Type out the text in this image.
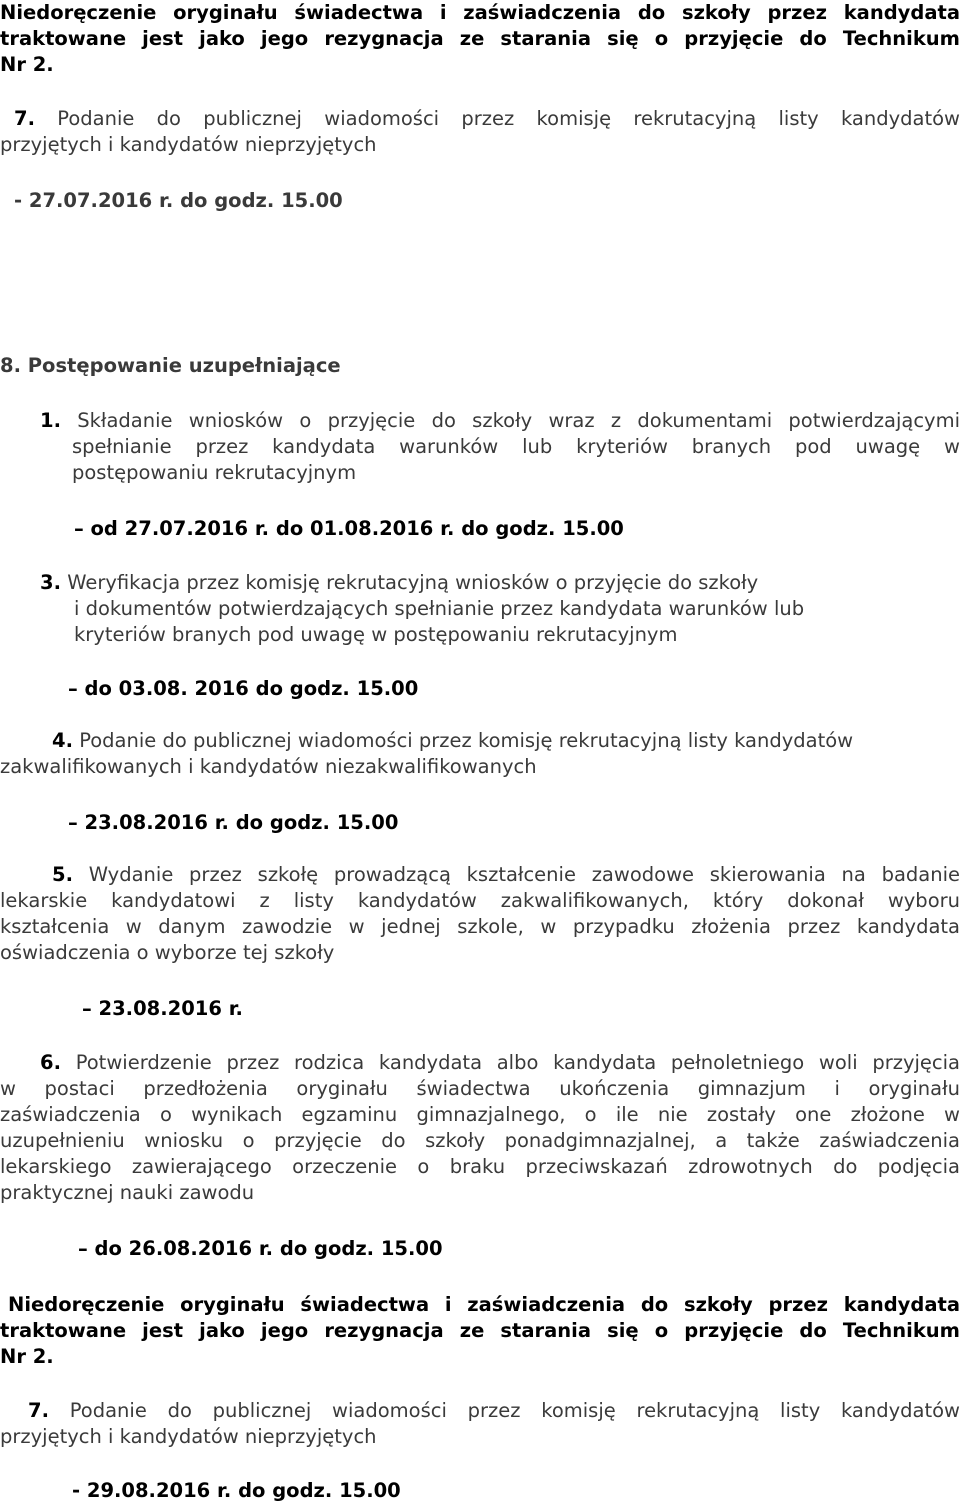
Niedoręczenie oryginału świadectwa i zaświadczenia do szkoły przez kandydata
traktowane jest jako jego rezygnacja ze starania się o przyjęcie do Technikum
Nr 2.
7. Podanie do publicznej wiadomości przez komisję rekrutacyjną listy kandydatów
przyjętych i kandydatów nieprzyjętych
- 27.07.2016 r. do godz. 15.00
8. Postępowanie uzupełniające
1. Składanie wniosków o przyjęcie do szkoły wraz z dokumentami potwierdzającymi
spełnianie przez kandydata warunków lub kryteriów branych pod uwagę w
postępowaniu rekrutacyjnym
– od 27.07.2016 r. do 01.08.2016 r. do godz. 15.00
3. Weryfikacja przez komisję rekrutacyjną wniosków o przyjęcie do szkoły
i dokumentów potwierdzających spełnianie przez kandydata warunków lub
kryteriów branych pod uwagę w postępowaniu rekrutacyjnym
– do 03.08. 2016 do godz. 15.00
4. Podanie do publicznej wiadomości przez komisję rekrutacyjną listy kandydatów
zakwalifikowanych i kandydatów niezakwalifikowanych
– 23.08.2016 r. do godz. 15.00
5. Wydanie przez szkołę prowadzącą kształcenie zawodowe skierowania na badanie
lekarskie kandydatowi z listy kandydatów zakwalifikowanych, który dokonał wyboru
kształcenia w danym zawodzie w jednej szkole, w przypadku złożenia przez kandydata
oświadczenia o wyborze tej szkoły
– 23.08.2016 r.
6. Potwierdzenie przez rodzica kandydata albo kandydata pełnoletniego woli przyjęcia
w postaci przedłożenia oryginału świadectwa ukończenia gimnazjum i oryginału
zaświadczenia o wynikach egzaminu gimnazjalnego, o ile nie zostały one złożone w
uzupełnieniu wniosku o przyjęcie do szkoły ponadgimnazjalnej, a także zaświadczenia
lekarskiego zawierającego orzeczenie o braku przeciwskazań zdrowotnych do podjęcia
praktycznej nauki zawodu
– do 26.08.2016 r. do godz. 15.00
Niedoręczenie oryginału świadectwa i zaświadczenia do szkoły przez kandydata
traktowane jest jako jego rezygnacja ze starania się o przyjęcie do Technikum
Nr 2.
7. Podanie do publicznej wiadomości przez komisję rekrutacyjną listy kandydatów
przyjętych i kandydatów nieprzyjętych
- 29.08.2016 r. do godz. 15.00
